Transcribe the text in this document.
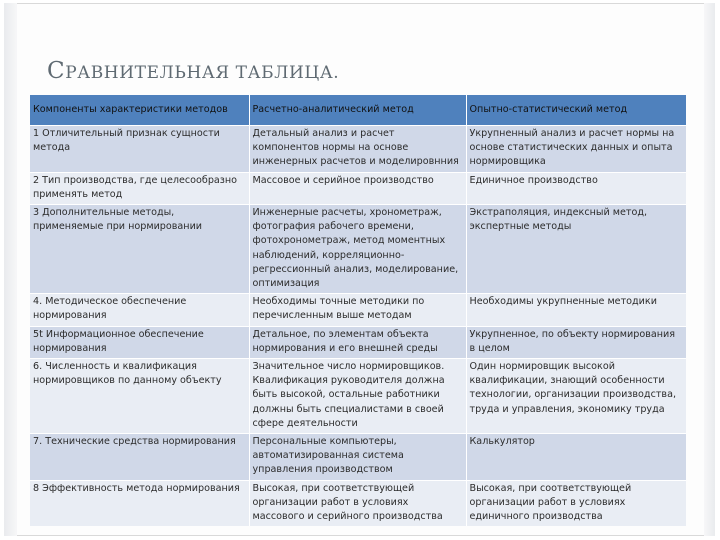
СРАВНИТЕЛЬНАЯ ТАБЛИЦА.
Компоненты характеристики методов	Расчетно-аналитический метод	Опытно-статистический метод
1 Отличительный признак сущности метода	Детальный анализ и расчет компонентов нормы на основе инженерных расчетов и моделировнния	Укрупненный анализ и расчет нормы на основе статистических данных и опыта нормировщика
2 Тип производства, где целесообразно применять метод	Массовое и серийное производство	Единичное производство
3 Дополнительные методы, применяемые при нормировании	Инженерные расчеты, хронометраж, фотография рабочего времени, фотохронометраж, метод моментных наблюдений, корреляционно-регрессионный анализ, моделирование, оптимизация	Экстраполяция, индексный метод, экспертные методы
4. Методическое обеспечение нормирования	Необходимы точные методики по перечисленным выше методам	Необходимы укрупненные методики
5t Информационное обеспечение нормирования	Детальное, по элементам объекта нормирования и его внешней среды	Укрупненное, по объекту нормирования в целом
6. Численность и квалификация нормировщиков по данному объекту	Значительное число нормировщиков. Квалификация руководителя должна быть высокой, остальные работники должны быть специалистами в своей сфере деятельности	Один нормировщик высокой квалификации, знающий особенности технологии, организации производства, труда и управления, экономику труда
7. Технические средства нормирования	Персональные компьютеры, автоматизированная система управления производством	Калькулятор
8 Эффективность метода нормирования	Высокая, при соответствующей организации работ в условиях массового и серийного производства	Высокая, при соответствующей организации работ в условиях единичного производства
